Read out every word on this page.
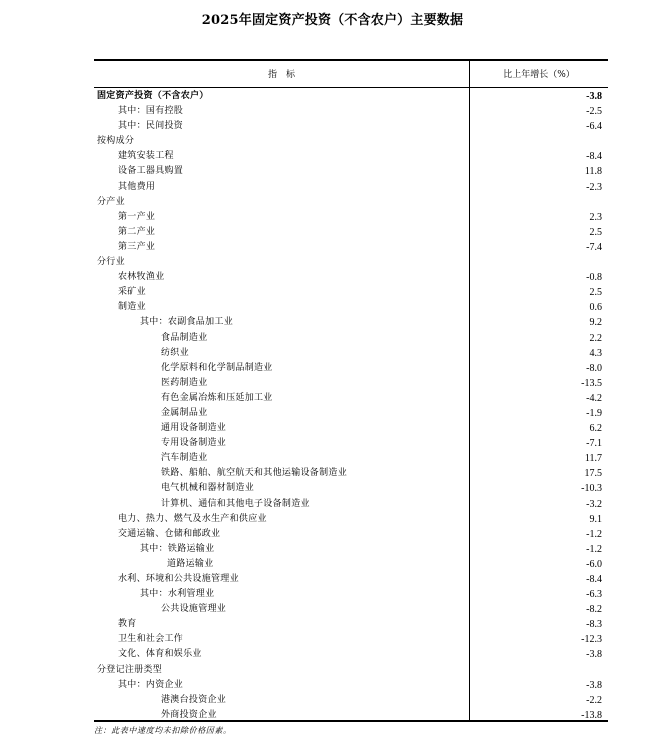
2025年固定资产投资（不含农户）主要数据
指　标	比上年增长（%）
固定资产投资（不含农户）	-3.8
其中：国有控股	-2.5
其中：民间投资	-6.4
按构成分
建筑安装工程	-8.4
设备工器具购置	11.8
其他费用	-2.3
分产业
第一产业	2.3
第二产业	2.5
第三产业	-7.4
分行业
农林牧渔业	-0.8
采矿业	2.5
制造业	0.6
其中：农副食品加工业	9.2
食品制造业	2.2
纺织业	4.3
化学原料和化学制品制造业	-8.0
医药制造业	-13.5
有色金属冶炼和压延加工业	-4.2
金属制品业	-1.9
通用设备制造业	6.2
专用设备制造业	-7.1
汽车制造业	11.7
铁路、船舶、航空航天和其他运输设备制造业	17.5
电气机械和器材制造业	-10.3
计算机、通信和其他电子设备制造业	-3.2
电力、热力、燃气及水生产和供应业	9.1
交通运输、仓储和邮政业	-1.2
其中：铁路运输业	-1.2
道路运输业	-6.0
水利、环境和公共设施管理业	-8.4
其中：水利管理业	-6.3
公共设施管理业	-8.2
教育	-8.3
卫生和社会工作	-12.3
文化、体育和娱乐业	-3.8
分登记注册类型
其中：内资企业	-3.8
港澳台投资企业	-2.2
外商投资企业	-13.8
注：此表中速度均未扣除价格因素。
